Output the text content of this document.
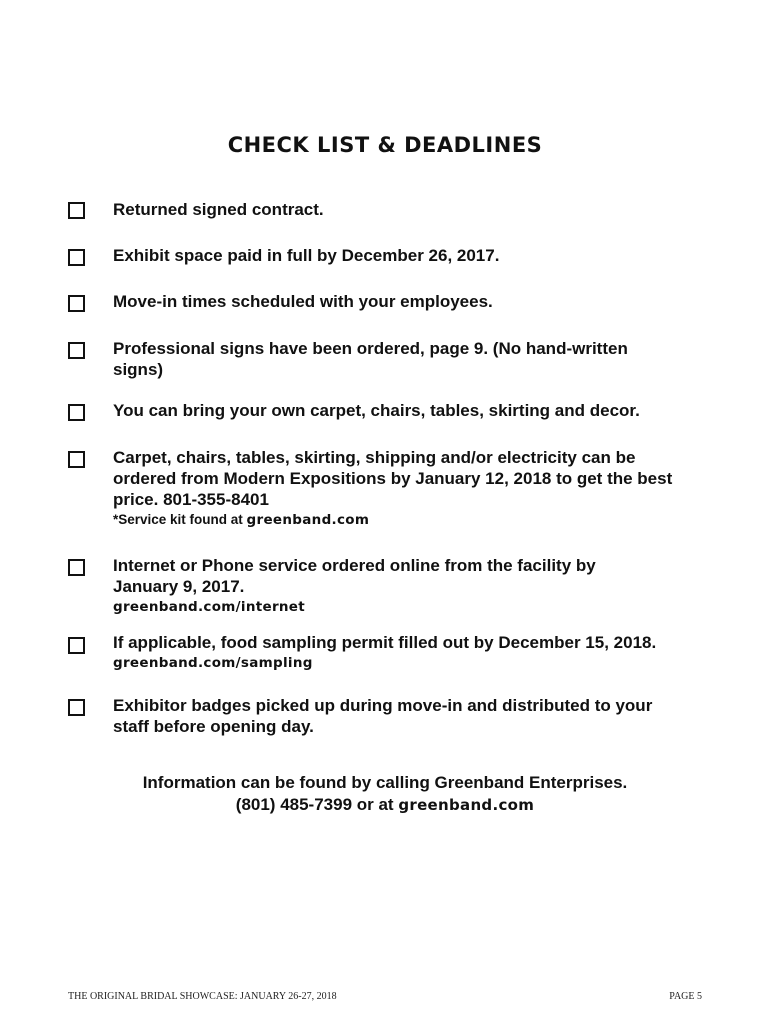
CHECK LIST & DEADLINES
Returned signed contract.
Exhibit space paid in full by December 26, 2017.
Move-in times scheduled with your employees.
Professional signs have been ordered, page 9. (No hand-written
signs)
You can bring your own carpet, chairs, tables, skirting and decor.
Carpet, chairs, tables, skirting, shipping and/or electricity can be
ordered from Modern Expositions by January 12, 2018 to get the best
price. 801-355-8401
*Service kit found at greenband.com
Internet or Phone service ordered online from the facility by
January 9, 2017.
greenband.com/internet
If applicable, food sampling permit filled out by December 15, 2018.
greenband.com/sampling
Exhibitor badges picked up during move-in and distributed to your
staff before opening day.
Information can be found by calling Greenband Enterprises.
(801) 485-7399 or at greenband.com
THE ORIGINAL BRIDAL SHOWCASE: JANUARY 26-27, 2018	PAGE 5
